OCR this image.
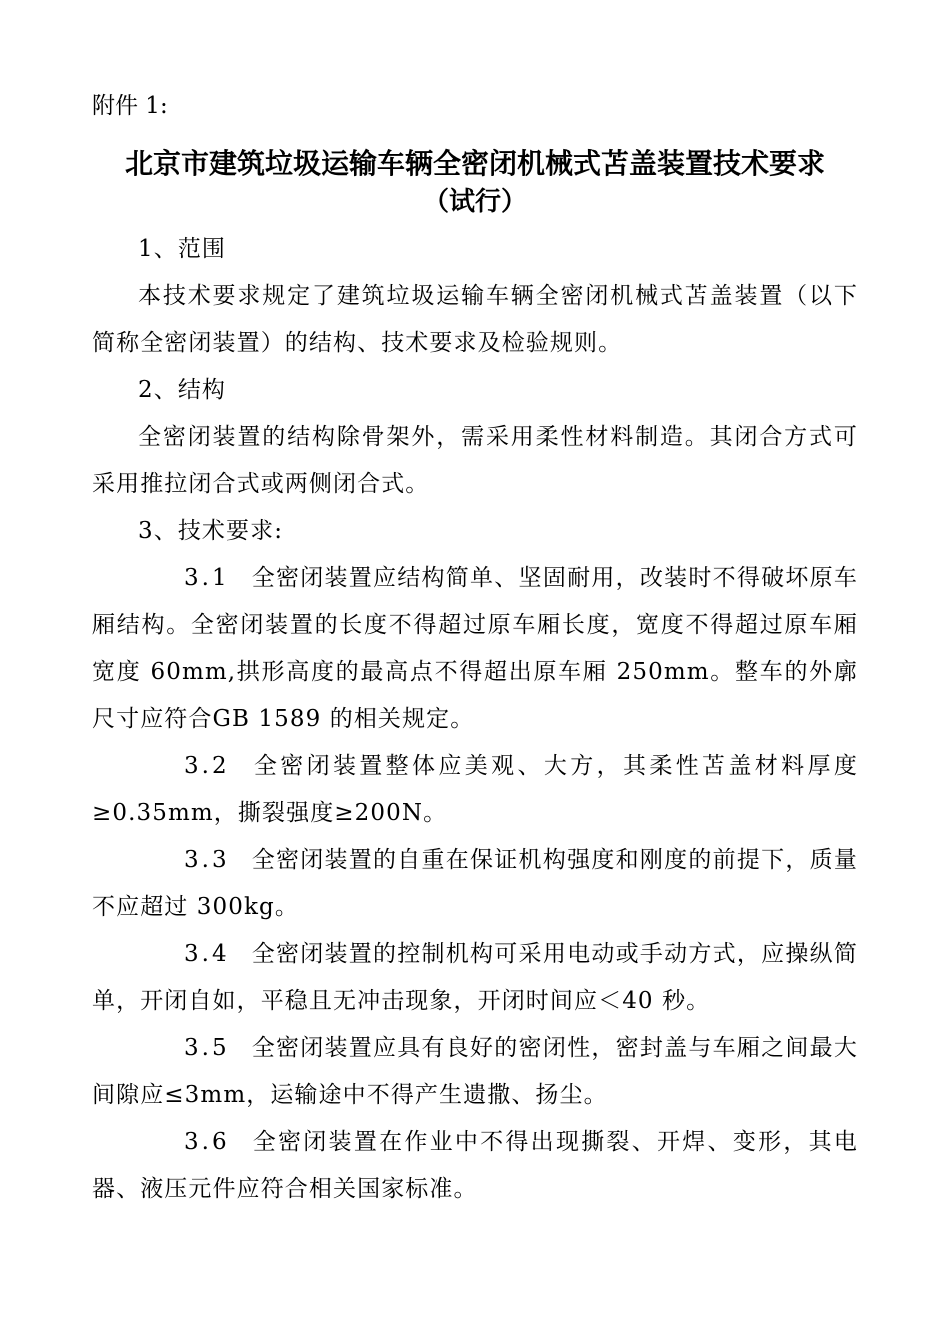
附件 1:
北京市建筑垃圾运输车辆全密闭机械式苫盖装置技术要求
（试行）

1、范围

本技术要求规定了建筑垃圾运输车辆全密闭机械式苫盖装置（以下简称全密闭装置）的结构、技术要求及检验规则。

2、结构

全密闭装置的结构除骨架外，需采用柔性材料制造。其闭合方式可采用推拉闭合式或两侧闭合式。

3、技术要求:

3.1 全密闭装置应结构简单、坚固耐用，改装时不得破坏原车厢结构。全密闭装置的长度不得超过原车厢长度，宽度不得超过原车厢宽度 60mm,拱形高度的最高点不得超出原车厢 250mm。整车的外廓尺寸应符合GB 1589 的相关规定。

3.2 全密闭装置整体应美观、大方，其柔性苫盖材料厚度≥0.35mm，撕裂强度≥200N。

3.3 全密闭装置的自重在保证机构强度和刚度的前提下，质量不应超过 300kg。

3.4 全密闭装置的控制机构可采用电动或手动方式，应操纵简单，开闭自如，平稳且无冲击现象，开闭时间应＜40 秒。

3.5 全密闭装置应具有良好的密闭性，密封盖与车厢之间最大间隙应≤3mm，运输途中不得产生遗撒、扬尘。

3.6 全密闭装置在作业中不得出现撕裂、开焊、变形，其电器、液压元件应符合相关国家标准。
